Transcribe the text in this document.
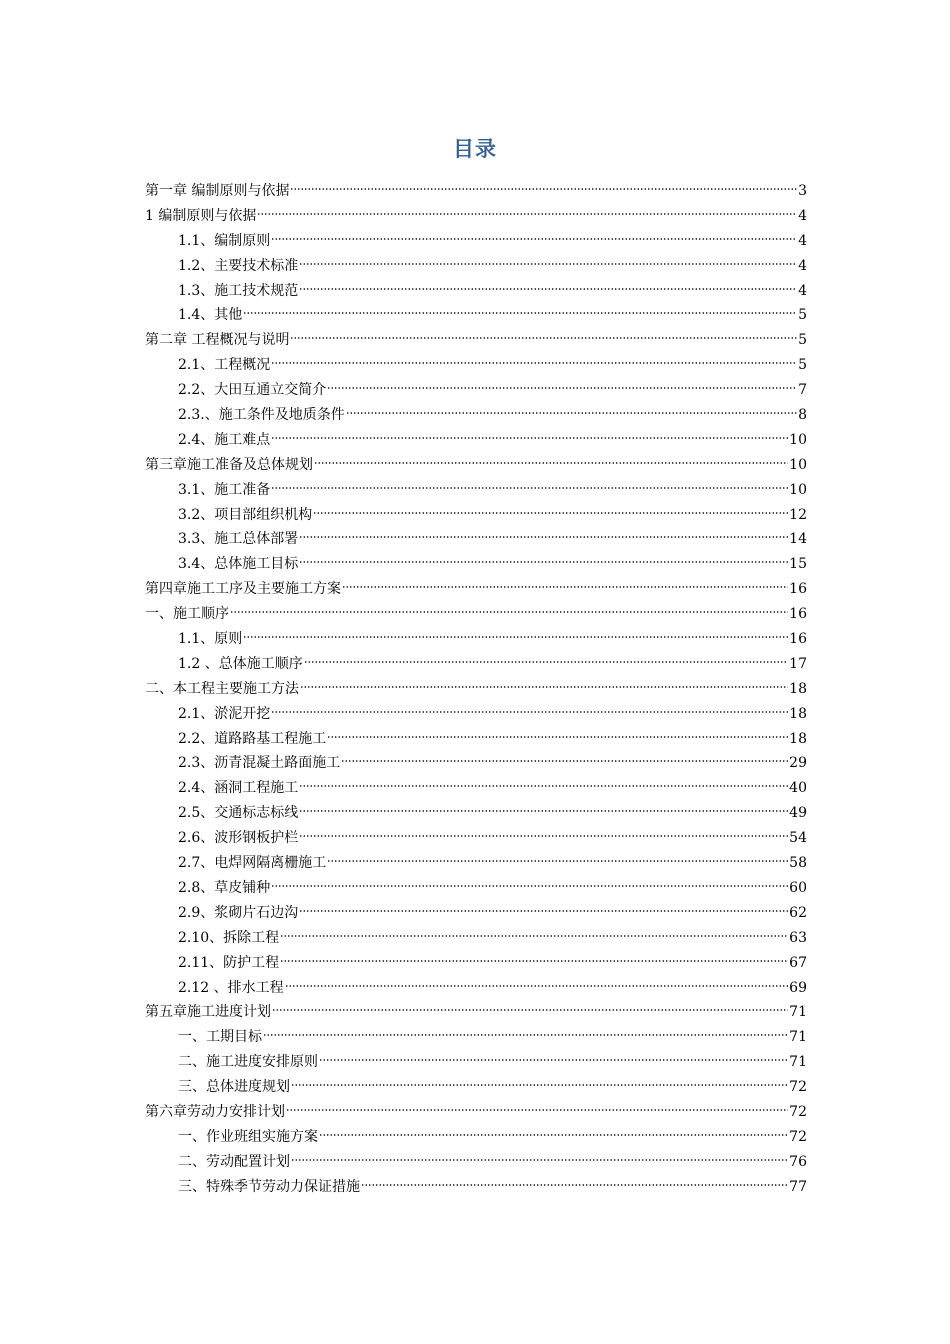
目录
第一章 编制原则与依据	3
1 编制原则与依据	4
1.1、编制原则	4
1.2、主要技术标准	4
1.3、施工技术规范	4
1.4、其他	5
第二章 工程概况与说明	5
2.1、工程概况	5
2.2、大田互通立交简介	7
2.3.、施工条件及地质条件	8
2.4、施工难点	10
第三章施工准备及总体规划	10
3.1、施工准备	10
3.2、项目部组织机构	12
3.3、施工总体部署	14
3.4、总体施工目标	15
第四章施工工序及主要施工方案	16
一、施工顺序	16
1.1、原则	16
1.2 、总体施工顺序	17
二、本工程主要施工方法	18
2.1、淤泥开挖	18
2.2、道路路基工程施工	18
2.3、沥青混凝土路面施工	29
2.4、涵洞工程施工	40
2.5、交通标志标线	49
2.6、波形钢板护栏	54
2.7、电焊网隔离栅施工	58
2.8、草皮铺种	60
2.9、浆砌片石边沟	62
2.10、拆除工程	63
2.11、防护工程	67
2.12 、排水工程	69
第五章施工进度计划	71
一、工期目标	71
二、施工进度安排原则	71
三、总体进度规划	72
第六章劳动力安排计划	72
一、作业班组实施方案	72
二、劳动配置计划	76
三、特殊季节劳动力保证措施	77
